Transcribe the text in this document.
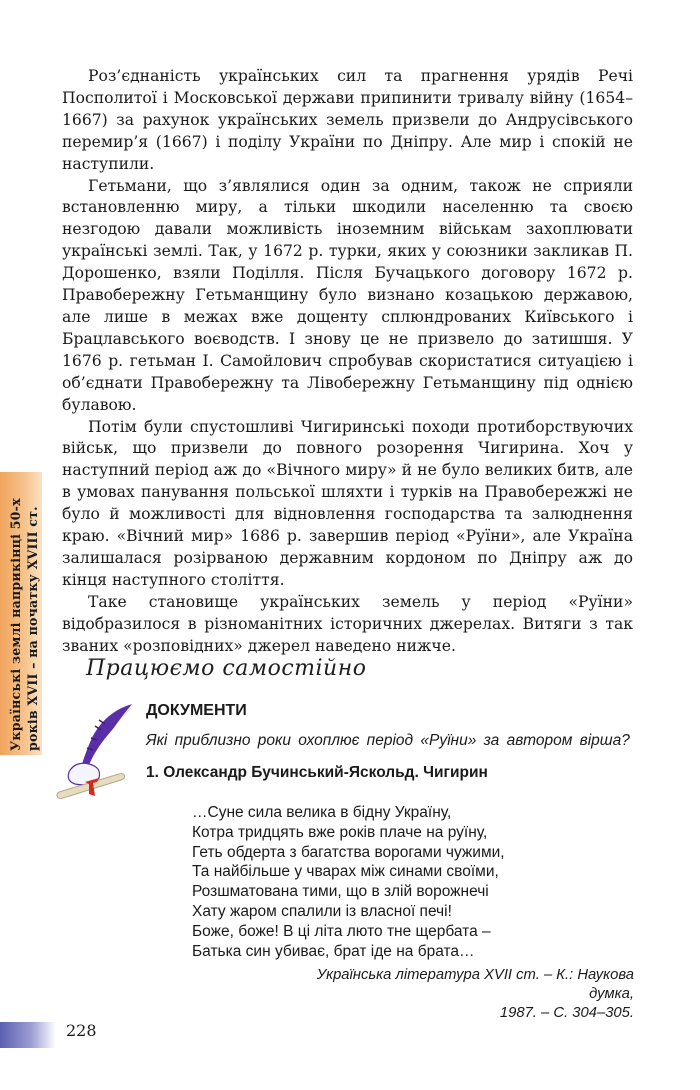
Українські землі наприкінці 50-х років XVII – на початку XVIII ст.

Роз’єднаність українських сил та прагнення урядів Речі Посполитої і Московської держави припинити тривалу війну (1654–1667) за рахунок українських земель призвели до Андрусівського перемир’я (1667) і поділу України по Дніпру. Але мир і спокій не наступили.

Гетьмани, що з’являлися один за одним, також не сприяли встановленню миру, а тільки шкодили населенню та своєю незгодою давали можливість іноземним військам захоплювати українські землі. Так, у 1672 р. турки, яких у союзники закликав П. Дорошенко, взяли Поділля. Після Бучацького договору 1672 р. Правобережну Гетьманщину було визнано козацькою державою, але лише в межах вже дощенту сплюндрованих Київського і Брацлавського воєводств. І знову це не призвело до затишшя. У 1676 р. гетьман І. Самойлович спробував скористатися ситуацією і об’єднати Правобережну та Лівобережну Гетьманщину під однією булавою.

Потім були спустошливі Чигиринські походи протиборствуючих військ, що призвели до повного розорення Чигирина. Хоч у наступний період аж до «Вічного миру» й не було великих битв, але в умовах панування польської шляхти і турків на Правобережжі не було й можливості для відновлення господарства та залюднення краю. «Вічний мир» 1686 р. завершив період «Руїни», але Україна залишалася розірваною державним кордоном по Дніпру аж до кінця наступного століття.

Таке становище українських земель у період «Руїни» відобразилося в різноманітних історичних джерелах. Витяги з так званих «розповідних» джерел наведено нижче.

Працюємо самостійно
ДОКУМЕНТИ
Які приблизно роки охоплює період «Руїни» за автором вірша?
1. Олександр Бучинський-Яскольд. Чигирин
…Суне сила велика в бідну Україну,
Котра тридцять вже років плаче на руїну,
Геть обдерта з багатства ворогами чужими,
Та найбільше у чварах між синами своїми,
Розшматована тими, що в злій ворожнечі
Хату жаром спалили із власної печі!
Боже, боже! В ці літа люто тне щербата –
Батька син убиває, брат іде на брата…
Українська література XVII ст. – К.: Наукова думка,
1987. – С. 304–305.
228
